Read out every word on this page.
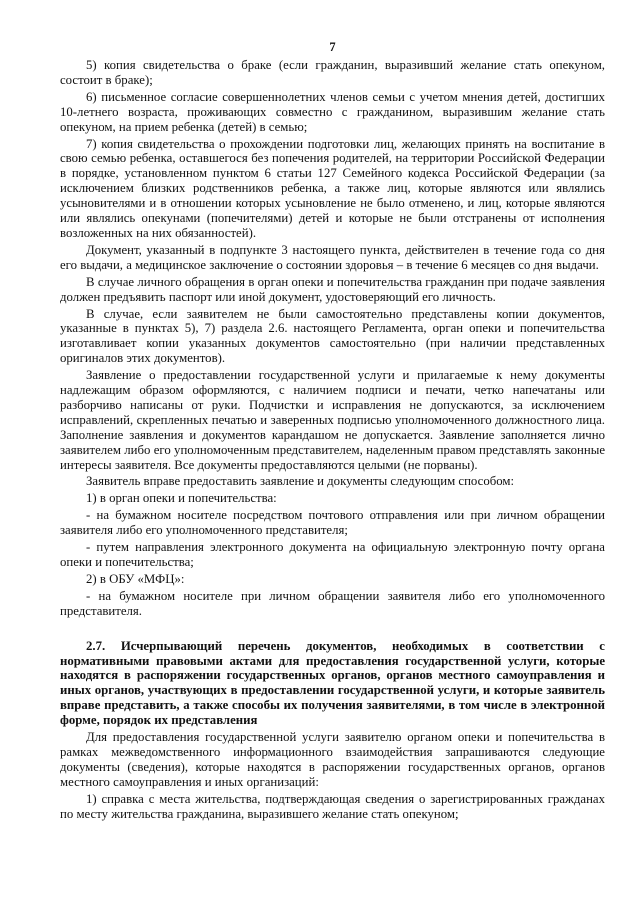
7

5) копия свидетельства о браке (если гражданин, выразивший желание стать опекуном, состоит в браке);

6) письменное согласие совершеннолетних членов семьи с учетом мнения детей, достигших 10-летнего возраста, проживающих совместно с гражданином, выразившим желание стать опекуном, на прием ребенка (детей) в семью;

7) копия свидетельства о прохождении подготовки лиц, желающих принять на воспитание в свою семью ребенка, оставшегося без попечения родителей, на территории Российской Федерации в порядке, установленном пунктом 6 статьи 127 Семейного кодекса Российской Федерации (за исключением близких родственников ребенка, а также лиц, которые являются или являлись усыновителями и в отношении которых усыновление не было отменено, и лиц, которые являются или являлись опекунами (попечителями) детей и которые не были отстранены от исполнения возложенных на них обязанностей).

Документ, указанный в подпункте 3 настоящего пункта, действителен в течение года со дня его выдачи, а медицинское заключение о состоянии здоровья – в течение 6 месяцев со дня выдачи.

В случае личного обращения в орган опеки и попечительства гражданин при подаче заявления должен предъявить паспорт или иной документ, удостоверяющий его личность.

В случае, если заявителем не были самостоятельно представлены копии документов, указанные в пунктах 5), 7) раздела 2.6. настоящего Регламента, орган опеки и попечительства изготавливает копии указанных документов самостоятельно (при наличии представленных оригиналов этих документов).

Заявление о предоставлении государственной услуги и прилагаемые к нему документы надлежащим образом оформляются, с наличием подписи и печати, четко напечатаны или разборчиво написаны от руки. Подчистки и исправления не допускаются, за исключением исправлений, скрепленных печатью и заверенных подписью уполномоченного должностного лица. Заполнение заявления и документов карандашом не допускается. Заявление заполняется лично заявителем либо его уполномоченным представителем, наделенным правом представлять законные интересы заявителя. Все документы предоставляются целыми (не порваны).

Заявитель вправе предоставить заявление и документы следующим способом:

1) в орган опеки и попечительства:

- на бумажном носителе посредством почтового отправления или при личном обращении заявителя либо его уполномоченного представителя;

- путем направления электронного документа на официальную электронную почту органа опеки и попечительства;

2) в ОБУ «МФЦ»:

- на бумажном носителе при личном обращении заявителя либо его уполномоченного представителя.

2.7. Исчерпывающий перечень документов, необходимых в соответствии с нормативными правовыми актами для предоставления государственной услуги, которые находятся в распоряжении государственных органов, органов местного самоуправления и иных органов, участвующих в предоставлении государственной услуги, и которые заявитель вправе представить, а также способы их получения заявителями, в том числе в электронной форме, порядок их представления

Для предоставления государственной услуги заявителю органом опеки и попечительства в рамках межведомственного информационного взаимодействия запрашиваются следующие документы (сведения), которые находятся в распоряжении государственных органов, органов местного самоуправления и иных организаций:

1) справка с места жительства, подтверждающая сведения о зарегистрированных гражданах по месту жительства гражданина, выразившего желание стать опекуном;
